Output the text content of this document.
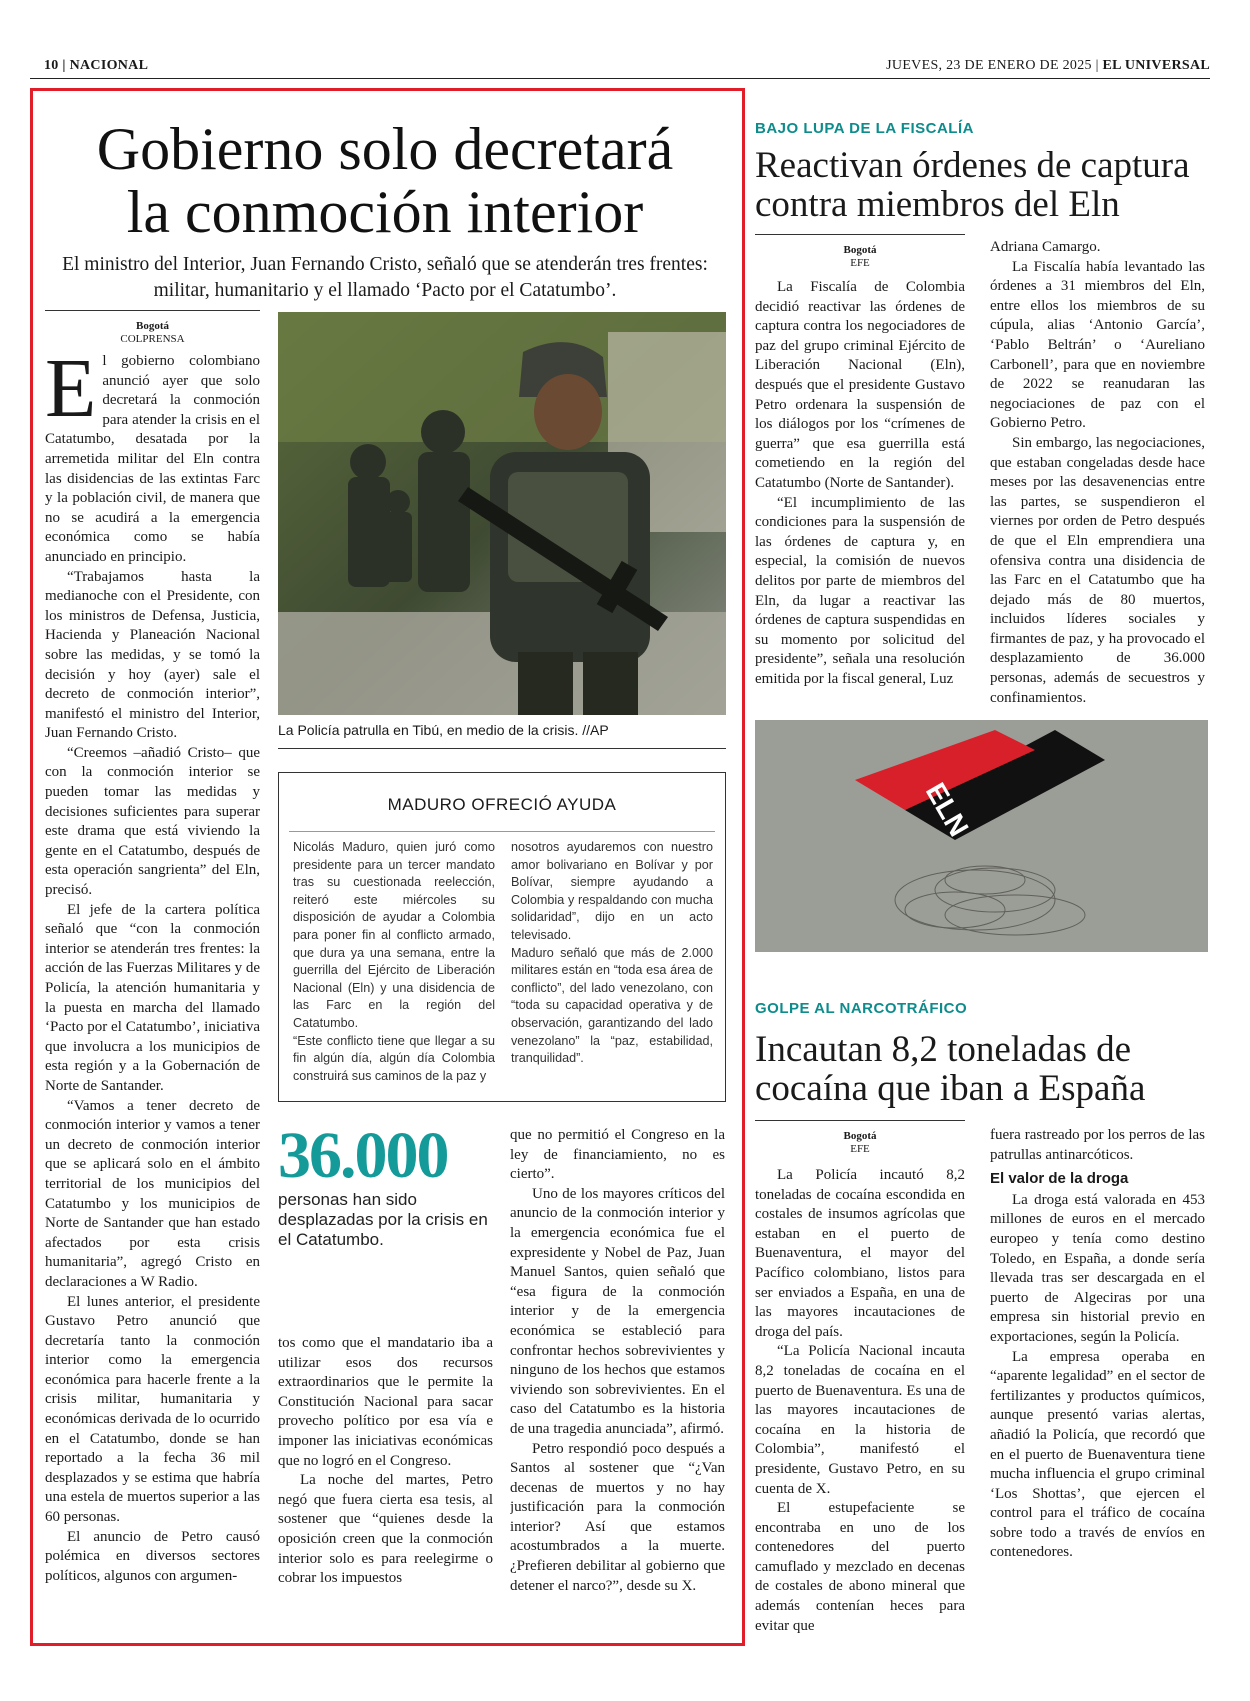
10 | NACIONAL	JUEVES, 23 DE ENERO DE 2025 | EL UNIVERSAL
Gobierno solo decretará
la conmoción interior
El ministro del Interior, Juan Fernando Cristo, señaló que se atenderán tres frentes: militar, humanitario y el llamado ‘Pacto por el Catatumbo’.
Bogotá
COLPRENSA
E l gobierno colombiano anunció ayer que solo decretará la conmoción para atender la crisis en el Catatumbo, desatada por la arremetida militar del Eln contra las disidencias de las extintas Farc y la población civil, de manera que no se acudirá a la emergencia económica como se había anunciado en principio.

“Trabajamos hasta la medianoche con el Presidente, con los ministros de Defensa, Justicia, Hacienda y Planeación Nacional sobre las medidas, y se tomó la decisión y hoy (ayer) sale el decreto de conmoción interior”, manifestó el ministro del Interior, Juan Fernando Cristo.

“Creemos –añadió Cristo– que con la conmoción interior se pueden tomar las medidas y decisiones suficientes para superar este drama que está viviendo la gente en el Catatumbo, después de esta operación sangrienta” del Eln, precisó.

El jefe de la cartera política señaló que “con la conmoción interior se atenderán tres frentes: la acción de las Fuerzas Militares y de Policía, la atención humanitaria y la puesta en marcha del llamado ‘Pacto por el Catatumbo’, iniciativa que involucra a los municipios de esta región y a la Gobernación de Norte de Santander.

“Vamos a tener decreto de conmoción interior y vamos a tener un decreto de conmoción interior que se aplicará solo en el ámbito territorial de los municipios del Catatumbo y los municipios de Norte de Santander que han estado afectados por esta crisis humanitaria”, agregó Cristo en declaraciones a W Radio.

El lunes anterior, el presidente Gustavo Petro anunció que decretaría tanto la conmoción interior como la emergencia económica para hacerle frente a la crisis militar, humanitaria y económicas derivada de lo ocurrido en el Catatumbo, donde se han reportado a la fecha 36 mil desplazados y se estima que habría una estela de muertos superior a las 60 personas.

El anuncio de Petro causó polémica en diversos sectores políticos, algunos con argumen-

La Policía patrulla en Tibú, en medio de la crisis. //AP
MADURO OFRECIÓ AYUDA

Nicolás Maduro, quien juró como presidente para un tercer mandato tras su cuestionada reelección, reiteró este miércoles su disposición de ayudar a Colombia para poner fin al conflicto armado, que dura ya una semana, entre la guerrilla del Ejército de Liberación Nacional (Eln) y una disidencia de las Farc en la región del Catatumbo.

“Este conflicto tiene que llegar a su fin algún día, algún día Colombia construirá sus caminos de la paz y

nosotros ayudaremos con nuestro amor bolivariano en Bolívar y por Bolívar, siempre ayudando a Colombia y respaldando con mucha solidaridad”, dijo en un acto televisado.

Maduro señaló que más de 2.000 militares están en “toda esa área de conflicto”, del lado venezolano, con “toda su capacidad operativa y de observación, garantizando del lado venezolano” la “paz, estabilidad, tranquilidad”.

36.000
personas han sido desplazadas por la crisis en el Catatumbo.

tos como que el mandatario iba a utilizar esos dos recursos extraordinarios que le permite la Constitución Nacional para sacar provecho político por esa vía e imponer las iniciativas económicas que no logró en el Congreso.

La noche del martes, Petro negó que fuera cierta esa tesis, al sostener que “quienes desde la oposición creen que la conmoción interior solo es para reelegirme o cobrar los impuestos

que no permitió el Congreso en la ley de financiamiento, no es cierto”.

Uno de los mayores críticos del anuncio de la conmoción interior y la emergencia económica fue el expresidente y Nobel de Paz, Juan Manuel Santos, quien señaló que “esa figura de la conmoción interior y de la emergencia económica se estableció para confrontar hechos sobrevivientes y ninguno de los hechos que estamos viviendo son sobrevivientes. En el caso del Catatumbo es la historia de una tragedia anunciada”, afirmó.

Petro respondió poco después a Santos al sostener que “¿Van decenas de muertos y no hay justificación para la conmoción interior? Así que estamos acostumbrados a la muerte. ¿Prefieren debilitar al gobierno que detener el narco?”, desde su X.

BAJO LUPA DE LA FISCALÍA
Reactivan órdenes de captura
contra miembros del Eln
Bogotá
EFE

La Fiscalía de Colombia decidió reactivar las órdenes de captura contra los negociadores de paz del grupo criminal Ejército de Liberación Nacional (Eln), después que el presidente Gustavo Petro ordenara la suspensión de los diálogos por los “crímenes de guerra” que esa guerrilla está cometiendo en la región del Catatumbo (Norte de Santander).

“El incumplimiento de las condiciones para la suspensión de las órdenes de captura y, en especial, la comisión de nuevos delitos por parte de miembros del Eln, da lugar a reactivar las órdenes de captura suspendidas en su momento por solicitud del presidente”, señala una resolución emitida por la fiscal general, Luz

Adriana Camargo.

La Fiscalía había levantado las órdenes a 31 miembros del Eln, entre ellos los miembros de su cúpula, alias ‘Antonio García’, ‘Pablo Beltrán’ o ‘Aureliano Carbonell’, para que en noviembre de 2022 se reanudaran las negociaciones de paz con el Gobierno Petro.

Sin embargo, las negociaciones, que estaban congeladas desde hace meses por las desavenencias entre las partes, se suspendieron el viernes por orden de Petro después de que el Eln emprendiera una ofensiva contra una disidencia de las Farc en el Catatumbo que ha dejado más de 80 muertos, incluidos líderes sociales y firmantes de paz, y ha provocado el desplazamiento de 36.000 personas, además de secuestros y confinamientos.

ELN
GOLPE AL NARCOTRÁFICO
Incautan 8,2 toneladas de
cocaína que iban a España
Bogotá
EFE

La Policía incautó 8,2 toneladas de cocaína escondida en costales de insumos agrícolas que estaban en el puerto de Buenaventura, el mayor del Pacífico colombiano, listos para ser enviados a España, en una de las mayores incautaciones de droga del país.

“La Policía Nacional incauta 8,2 toneladas de cocaína en el puerto de Buenaventura. Es una de las mayores incautaciones de cocaína en la historia de Colombia”, manifestó el presidente, Gustavo Petro, en su cuenta de X.

El estupefaciente se encontraba en uno de los contenedores del puerto camuflado y mezclado en decenas de costales de abono mineral que además contenían heces para evitar que

fuera rastreado por los perros de las patrullas antinarcóticos.

El valor de la droga

La droga está valorada en 453 millones de euros en el mercado europeo y tenía como destino Toledo, en España, a donde sería llevada tras ser descargada en el puerto de Algeciras por una empresa sin historial previo en exportaciones, según la Policía.

La empresa operaba en “aparente legalidad” en el sector de fertilizantes y productos químicos, aunque presentó varias alertas, añadió la Policía, que recordó que en el puerto de Buenaventura tiene mucha influencia el grupo criminal ‘Los Shottas’, que ejercen el control para el tráfico de cocaína sobre todo a través de envíos en contenedores.
